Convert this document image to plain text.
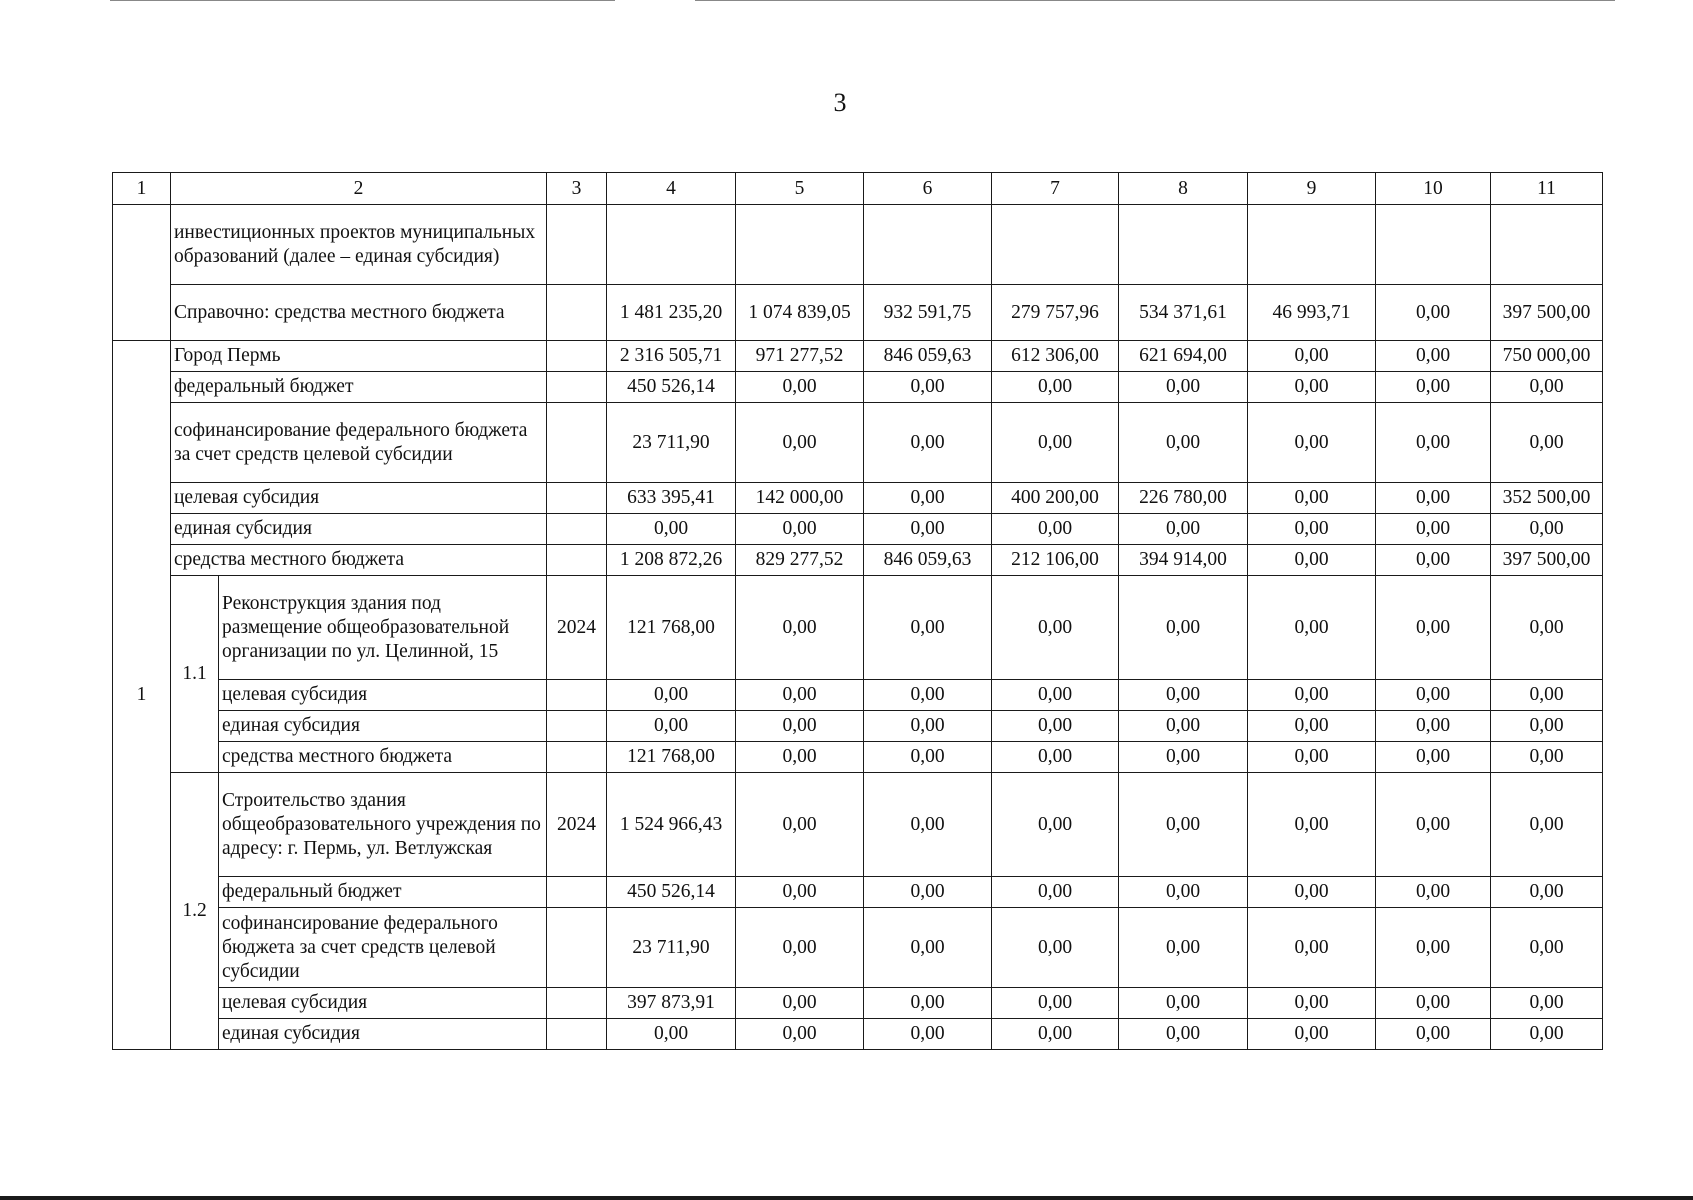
3
1	2		3	4	5	6	7	8	9	10	11
	инвестиционных проектов муниципальных образований (далее – единая субсидия)										
	Справочно: средства местного бюджета			1 481 235,20	1 074 839,05	932 591,75	279 757,96	534 371,61	46 993,71	0,00	397 500,00
1	Город Пермь			2 316 505,71	971 277,52	846 059,63	612 306,00	621 694,00	0,00	0,00	750 000,00
	федеральный бюджет			450 526,14	0,00	0,00	0,00	0,00	0,00	0,00	0,00
	софинансирование федерального бюджета за счет средств целевой субсидии			23 711,90	0,00	0,00	0,00	0,00	0,00	0,00	0,00
	целевая субсидия			633 395,41	142 000,00	0,00	400 200,00	226 780,00	0,00	0,00	352 500,00
	единая субсидия			0,00	0,00	0,00	0,00	0,00	0,00	0,00	0,00
	средства местного бюджета			1 208 872,26	829 277,52	846 059,63	212 106,00	394 914,00	0,00	0,00	397 500,00
	1.1	Реконструкция здания под размещение общеобразовательной организации по ул. Целинной, 15	2024	121 768,00	0,00	0,00	0,00	0,00	0,00	0,00	0,00
		целевая субсидия		0,00	0,00	0,00	0,00	0,00	0,00	0,00	0,00
		единая субсидия		0,00	0,00	0,00	0,00	0,00	0,00	0,00	0,00
		средства местного бюджета		121 768,00	0,00	0,00	0,00	0,00	0,00	0,00	0,00
	1.2	Строительство здания общеобразовательного учреждения по адресу: г. Пермь, ул. Ветлужская	2024	1 524 966,43	0,00	0,00	0,00	0,00	0,00	0,00	0,00
		федеральный бюджет		450 526,14	0,00	0,00	0,00	0,00	0,00	0,00	0,00
		софинансирование федерального бюджета за счет средств целевой субсидии		23 711,90	0,00	0,00	0,00	0,00	0,00	0,00	0,00
		целевая субсидия		397 873,91	0,00	0,00	0,00	0,00	0,00	0,00	0,00
		единая субсидия		0,00	0,00	0,00	0,00	0,00	0,00	0,00	0,00
